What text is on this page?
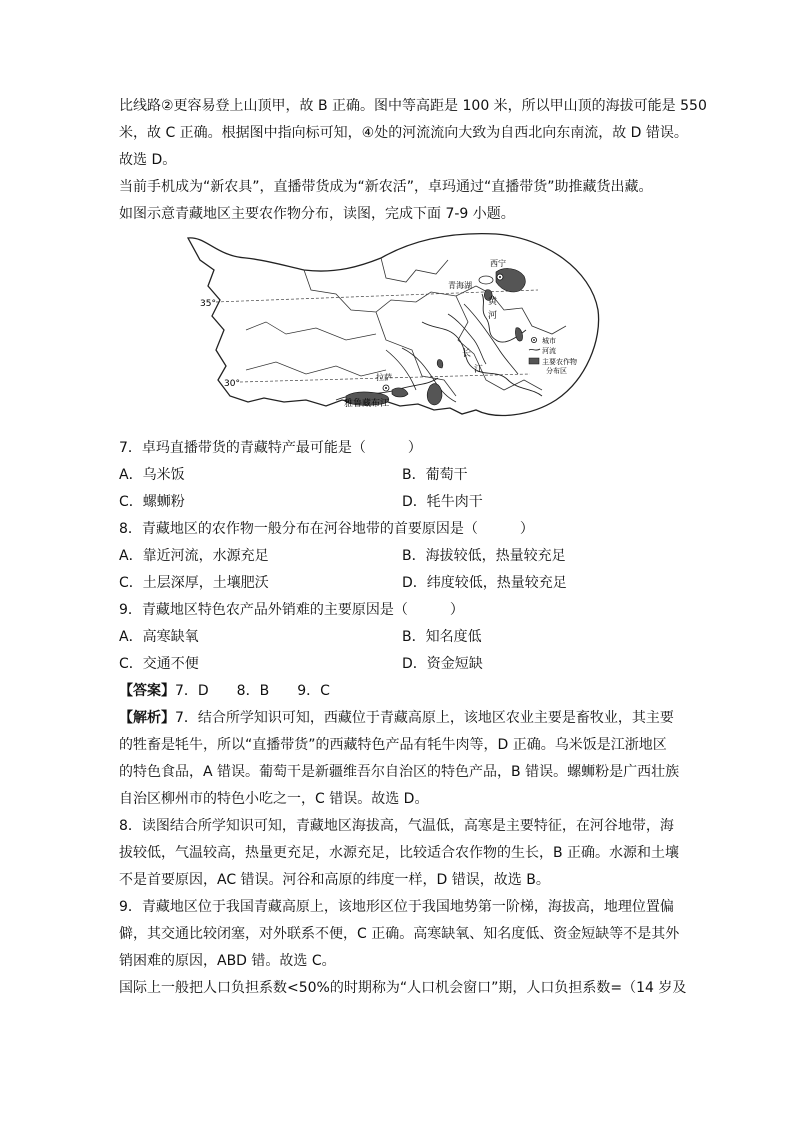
比线路②更容易登上山顶甲，故 B 正确。图中等高距是 100 米，所以甲山顶的海拔可能是 550
米，故 C 正确。根据图中指向标可知，④处的河流流向大致为自西北向东南流，故 D 错误。
故选 D。
当前手机成为“新农具”，直播带货成为“新农活”，卓玛通过“直播带货”助推藏货出藏。
如图示意青藏地区主要农作物分布，读图，完成下面 7-9 小题。
35°
30°
西宁
青海湖
黄
河
长
江
拉萨
雅鲁藏布江
城市
河流
主要农作物
分布区
7．卓玛直播带货的青藏特产最可能是（　　　）
A．乌米饭	B．葡萄干
C．螺蛳粉	D．牦牛肉干
8．青藏地区的农作物一般分布在河谷地带的首要原因是（　　　）
A．靠近河流，水源充足	B．海拔较低，热量较充足
C．土层深厚，土壤肥沃	D．纬度较低，热量较充足
9．青藏地区特色农产品外销难的主要原因是（　　　）
A．高寒缺氧	B．知名度低
C．交通不便	D．资金短缺
【答案】7．D　　8．B　　9．C
【解析】7．结合所学知识可知，西藏位于青藏高原上，该地区农业主要是畜牧业，其主要
的牲畜是牦牛，所以“直播带货”的西藏特色产品有牦牛肉等，D 正确。乌米饭是江浙地区
的特色食品，A 错误。葡萄干是新疆维吾尔自治区的特色产品，B 错误。螺蛳粉是广西壮族
自治区柳州市的特色小吃之一，C 错误。故选 D。
8．读图结合所学知识可知，青藏地区海拔高，气温低，高寒是主要特征，在河谷地带，海
拔较低，气温较高，热量更充足，水源充足，比较适合农作物的生长，B 正确。水源和土壤
不是首要原因，AC 错误。河谷和高原的纬度一样，D 错误，故选 B。
9．青藏地区位于我国青藏高原上，该地形区位于我国地势第一阶梯，海拔高，地理位置偏
僻，其交通比较闭塞，对外联系不便，C 正确。高寒缺氧、知名度低、资金短缺等不是其外
销困难的原因，ABD 错。故选 C。
国际上一般把人口负担系数<50%的时期称为“人口机会窗口”期，人口负担系数=（14 岁及
